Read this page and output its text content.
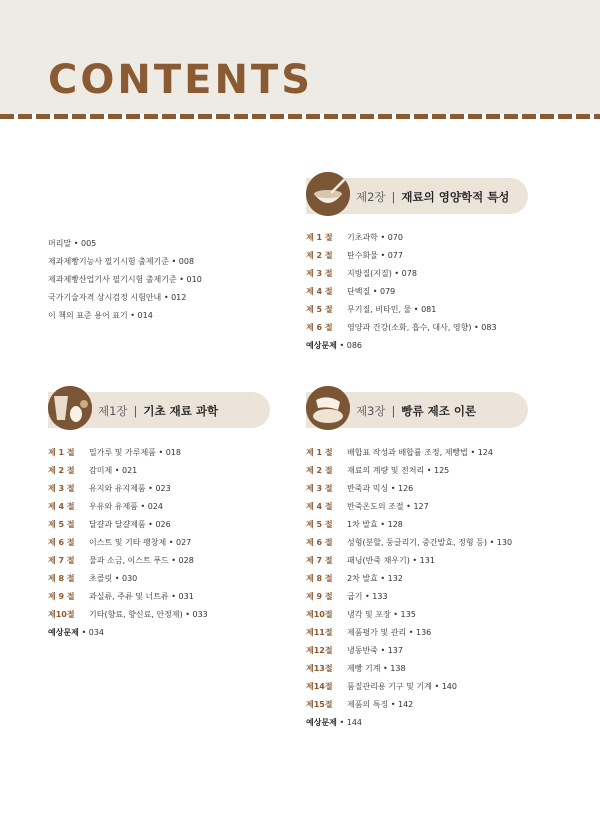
CONTENTS
머리말 • 005
제과제빵기능사 필기시험 출제기준 • 008
제과제빵산업기사 필기시험 출제기준 • 010
국가기술자격 상시검정 시험안내 • 012
이 책의 표준 용어 표기 • 014
제2장 | 재료의 영양학적 특성
제 1 절 기초과학 • 070
제 2 절 탄수화물 • 077
제 3 절 지방질(지질) • 078
제 4 절 단백질 • 079
제 5 절 무기질, 비타민, 물 • 081
제 6 절 영양과 건강(소화, 흡수, 대사, 영향) • 083
예상문제 • 086
제1장 | 기초 재료 과학
제 1 절 밀가루 및 가루제품 • 018
제 2 절 감미제 • 021
제 3 절 유지와 유지제품 • 023
제 4 절 우유와 유제품 • 024
제 5 절 달걀과 달걀제품 • 026
제 6 절 이스트 및 기타 팽창제 • 027
제 7 절 물과 소금, 이스트 푸드 • 028
제 8 절 초콜릿 • 030
제 9 절 과실류, 주류 및 너트류 • 031
제10절 기타(향료, 향신료, 안정제) • 033
예상문제 • 034
제3장 | 빵류 제조 이론
제 1 절 배합표 작성과 배합률 조정, 제빵법 • 124
제 2 절 재료의 계량 및 전처리 • 125
제 3 절 반죽과 믹싱 • 126
제 4 절 반죽온도의 조절 • 127
제 5 절 1차 발효 • 128
제 6 절 성형(분할, 둥글리기, 중간발효, 정형 등) • 130
제 7 절 패닝(반죽 채우기) • 131
제 8 절 2차 발효 • 132
제 9 절 굽기 • 133
제10절 냉각 및 포장 • 135
제11절 제품평가 및 관리 • 136
제12절 냉동반죽 • 137
제13절 제빵 기계 • 138
제14절 품질관리용 기구 및 기계 • 140
제15절 제품의 특징 • 142
예상문제 • 144
